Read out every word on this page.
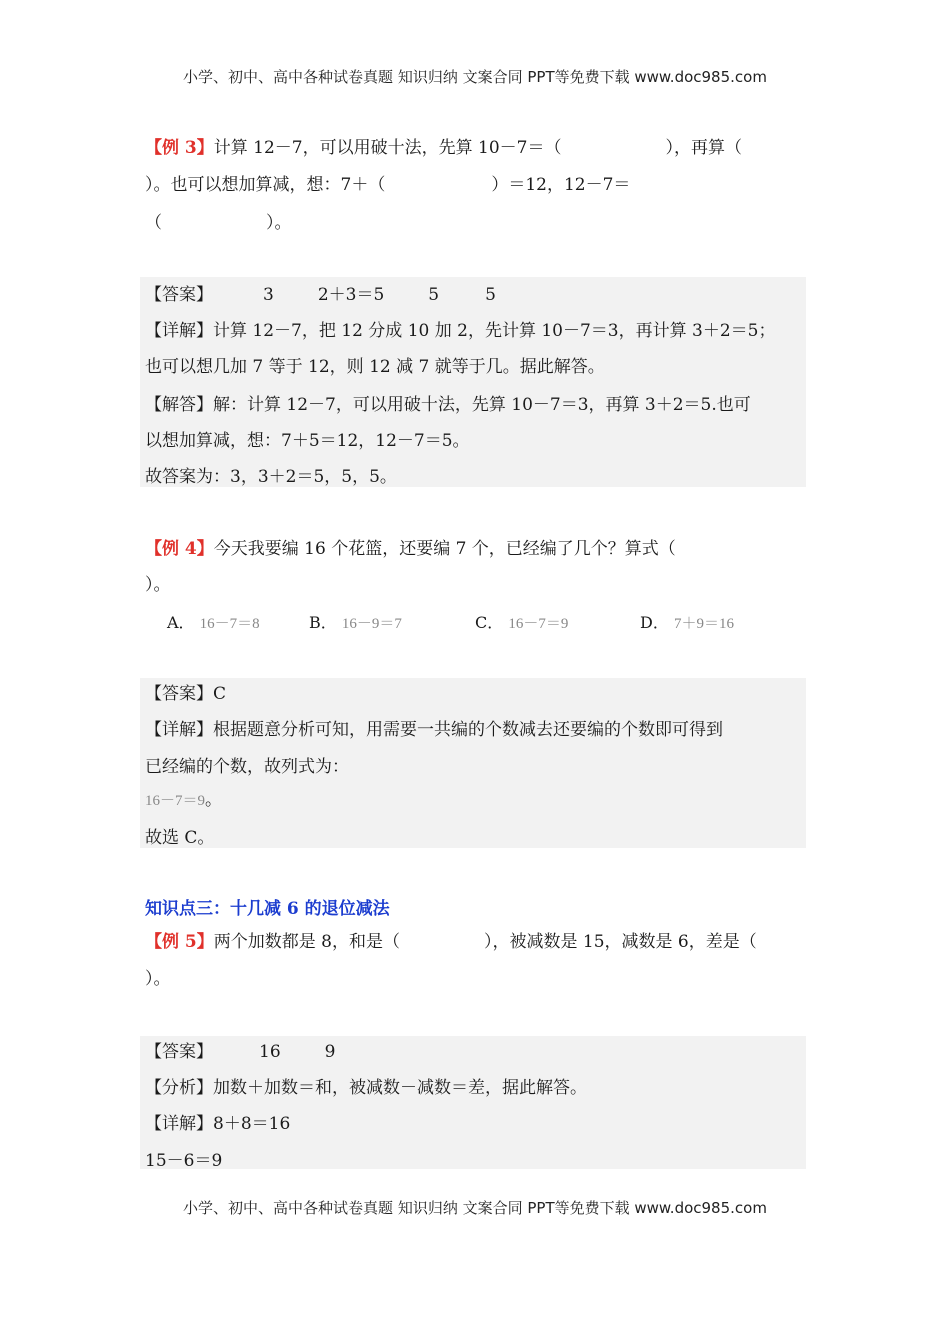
小学、初中、高中各种试卷真题 知识归纳 文案合同 PPT等免费下载 www.doc985.com
【例 3】计算 12－7，可以用破十法，先算 10－7＝（	），再算（
）。也可以想加算减，想：7＋（	）＝12，12－7＝
（	）。
【答案】	3	2＋3＝5	5	5
【详解】计算 12－7，把 12 分成 10 加 2，先计算 10－7＝3，再计算 3＋2＝5；
也可以想几加 7 等于 12，则 12 减 7 就等于几。据此解答。
【解答】解：计算 12－7，可以用破十法，先算 10－7＝3，再算 3＋2＝5.也可
以想加算减，想：7＋5＝12，12－7＝5。
故答案为：3，3＋2＝5，5，5。
【例 4】今天我要编 16 个花篮，还要编 7 个，已经编了几个？算式（
）。
A． 16－7＝8	B． 16－9＝7	C． 16－7＝9	D． 7＋9＝16
【答案】C
【详解】根据题意分析可知，用需要一共编的个数减去还要编的个数即可得到
已经编的个数，故列式为：
16－7＝9。
故选 C。
知识点三：十几减 6 的退位减法
【例 5】两个加数都是 8，和是（	），被减数是 15，减数是 6，差是（
）。
【答案】	16	9
【分析】加数＋加数＝和，被减数－减数＝差，据此解答。
【详解】8＋8＝16
15－6＝9
小学、初中、高中各种试卷真题 知识归纳 文案合同 PPT等免费下载 www.doc985.com
